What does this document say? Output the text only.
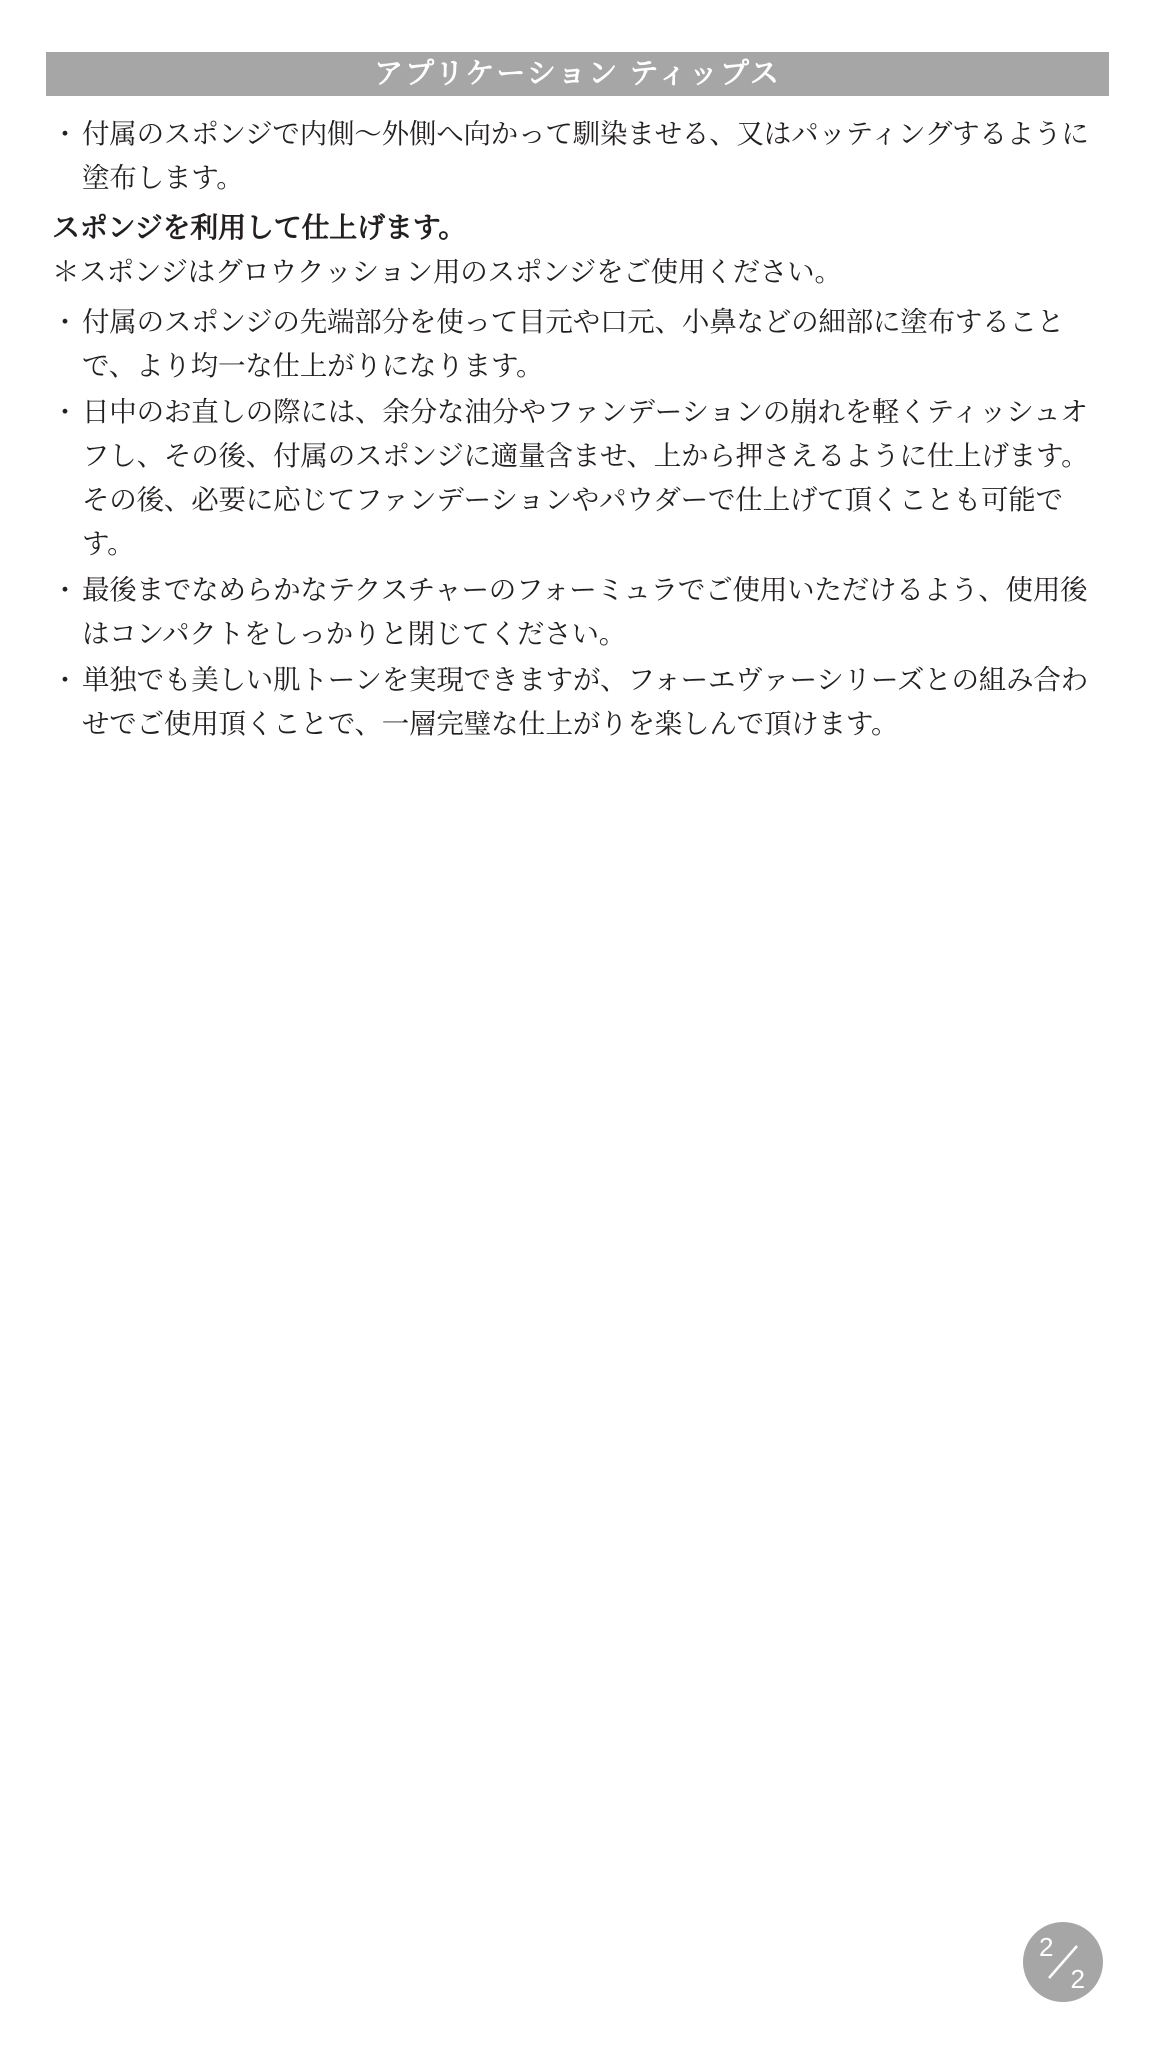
アプリケーション ティップス
・ 付属のスポンジで内側〜外側へ向かって馴染ませる、又はパッティングするように塗布します。
スポンジを利用して仕上げます。
＊スポンジはグロウクッション用のスポンジをご使用ください。
・ 付属のスポンジの先端部分を使って目元や口元、小鼻などの細部に塗布することで、より均一な仕上がりになります。
・ 日中のお直しの際には、余分な油分やファンデーションの崩れを軽くティッシュオフし、その後、付属のスポンジに適量含ませ、上から押さえるように仕上げます。その後、必要に応じてファンデーションやパウダーで仕上げて頂くことも可能です。
・ 最後までなめらかなテクスチャーのフォーミュラでご使用いただけるよう、使用後はコンパクトをしっかりと閉じてください。
・ 単独でも美しい肌トーンを実現できますが、フォーエヴァーシリーズとの組み合わせでご使用頂くことで、一層完璧な仕上がりを楽しんで頂けます。
2
2
